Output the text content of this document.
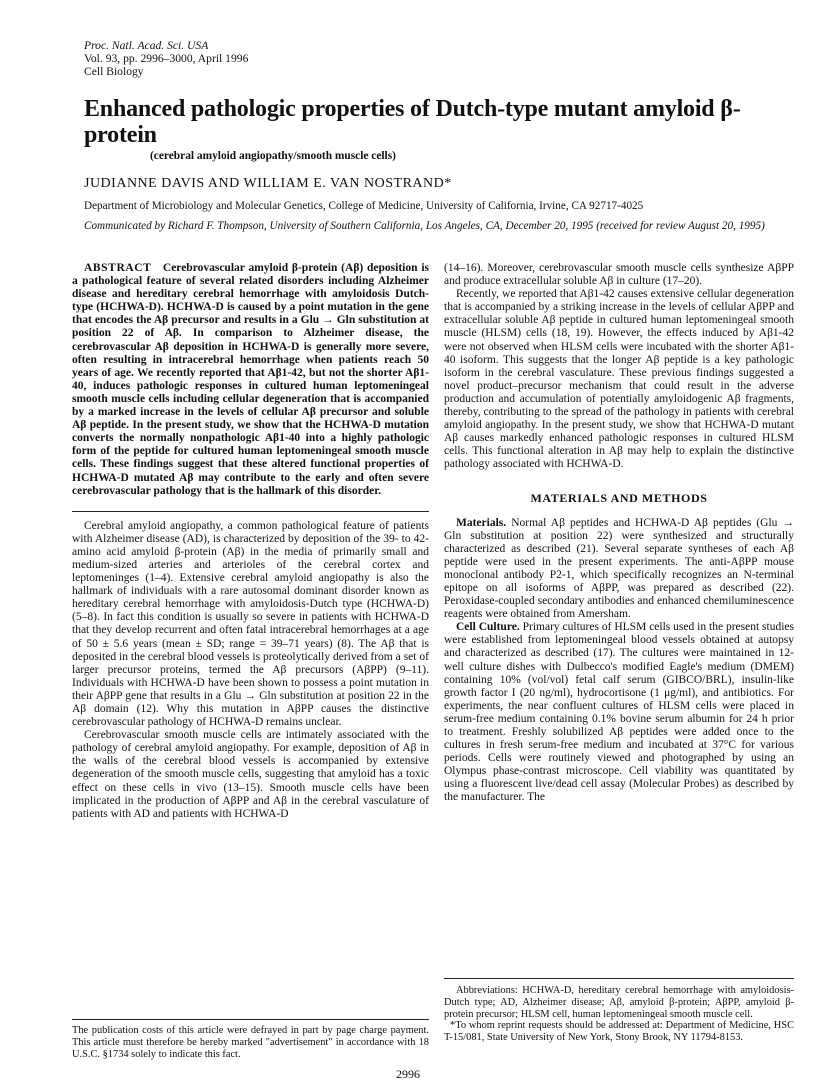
Proc. Natl. Acad. Sci. USA
Vol. 93, pp. 2996–3000, April 1996
Cell Biology
Enhanced pathologic properties of Dutch-type mutant amyloid β-protein
(cerebral amyloid angiopathy/smooth muscle cells)
JUDIANNE DAVIS AND WILLIAM E. VAN NOSTRAND*
Department of Microbiology and Molecular Genetics, College of Medicine, University of California, Irvine, CA 92717-4025
Communicated by Richard F. Thompson, University of Southern California, Los Angeles, CA, December 20, 1995 (received for review August 20, 1995)

ABSTRACT Cerebrovascular amyloid β-protein (Aβ) deposition is a pathological feature of several related disorders including Alzheimer disease and hereditary cerebral hemorrhage with amyloidosis Dutch-type (HCHWA-D). HCHWA-D is caused by a point mutation in the gene that encodes the Aβ precursor and results in a Glu → Gln substitution at position 22 of Aβ. In comparison to Alzheimer disease, the cerebrovascular Aβ deposition in HCHWA-D is generally more severe, often resulting in intracerebral hemorrhage when patients reach 50 years of age. We recently reported that Aβ1-42, but not the shorter Aβ1-40, induces pathologic responses in cultured human leptomeningeal smooth muscle cells including cellular degeneration that is accompanied by a marked increase in the levels of cellular Aβ precursor and soluble Aβ peptide. In the present study, we show that the HCHWA-D mutation converts the normally nonpathologic Aβ1-40 into a highly pathologic form of the peptide for cultured human leptomeningeal smooth muscle cells. These findings suggest that these altered functional properties of HCHWA-D mutated Aβ may contribute to the early and often severe cerebrovascular pathology that is the hallmark of this disorder.

Cerebral amyloid angiopathy, a common pathological feature of patients with Alzheimer disease (AD), is characterized by deposition of the 39- to 42-amino acid amyloid β-protein (Aβ) in the media of primarily small and medium-sized arteries and arterioles of the cerebral cortex and leptomeninges (1–4). Extensive cerebral amyloid angiopathy is also the hallmark of individuals with a rare autosomal dominant disorder known as hereditary cerebral hemorrhage with amyloidosis-Dutch type (HCHWA-D) (5–8). In fact this condition is usually so severe in patients with HCHWA-D that they develop recurrent and often fatal intracerebral hemorrhages at a age of 50 ± 5.6 years (mean ± SD; range = 39–71 years) (8). The Aβ that is deposited in the cerebral blood vessels is proteolytically derived from a set of larger precursor proteins, termed the Aβ precursors (AβPP) (9–11). Individuals with HCHWA-D have been shown to possess a point mutation in their AβPP gene that results in a Glu → Gln substitution at position 22 in the Aβ domain (12). Why this mutation in AβPP causes the distinctive cerebrovascular pathology of HCHWA-D remains unclear.

Cerebrovascular smooth muscle cells are intimately associated with the pathology of cerebral amyloid angiopathy. For example, deposition of Aβ in the walls of the cerebral blood vessels is accompanied by extensive degeneration of the smooth muscle cells, suggesting that amyloid has a toxic effect on these cells in vivo (13–15). Smooth muscle cells have been implicated in the production of AβPP and Aβ in the cerebral vasculature of patients with AD and patients with HCHWA-D

(14–16). Moreover, cerebrovascular smooth muscle cells synthesize AβPP and produce extracellular soluble Aβ in culture (17–20).

Recently, we reported that Aβ1-42 causes extensive cellular degeneration that is accompanied by a striking increase in the levels of cellular AβPP and extracellular soluble Aβ peptide in cultured human leptomeningeal smooth muscle (HLSM) cells (18, 19). However, the effects induced by Aβ1-42 were not observed when HLSM cells were incubated with the shorter Aβ1-40 isoform. This suggests that the longer Aβ peptide is a key pathologic isoform in the cerebral vasculature. These previous findings suggested a novel product–precursor mechanism that could result in the adverse production and accumulation of potentially amyloidogenic Aβ fragments, thereby, contributing to the spread of the pathology in patients with cerebral amyloid angiopathy. In the present study, we show that HCHWA-D mutant Aβ causes markedly enhanced pathologic responses in cultured HLSM cells. This functional alteration in Aβ may help to explain the distinctive pathology associated with HCHWA-D.

MATERIALS AND METHODS

Materials. Normal Aβ peptides and HCHWA-D Aβ peptides (Glu → Gln substitution at position 22) were synthesized and structurally characterized as described (21). Several separate syntheses of each Aβ peptide were used in the present experiments. The anti-AβPP mouse monoclonal antibody P2-1, which specifically recognizes an N-terminal epitope on all isoforms of AβPP, was prepared as described (22). Peroxidase-coupled secondary antibodies and enhanced chemiluminescence reagents were obtained from Amersham.

Cell Culture. Primary cultures of HLSM cells used in the present studies were established from leptomeningeal blood vessels obtained at autopsy and characterized as described (17). The cultures were maintained in 12-well culture dishes with Dulbecco's modified Eagle's medium (DMEM) containing 10% (vol/vol) fetal calf serum (GIBCO/BRL), insulin-like growth factor I (20 ng/ml), hydrocortisone (1 μg/ml), and antibiotics. For experiments, the near confluent cultures of HLSM cells were placed in serum-free medium containing 0.1% bovine serum albumin for 24 h prior to treatment. Freshly solubilized Aβ peptides were added once to the cultures in fresh serum-free medium and incubated at 37°C for various periods. Cells were routinely viewed and photographed by using an Olympus phase-contrast microscope. Cell viability was quantitated by using a fluorescent live/dead cell assay (Molecular Probes) as described by the manufacturer. The

Abbreviations: HCHWA-D, hereditary cerebral hemorrhage with amyloidosis-Dutch type; AD, Alzheimer disease; Aβ, amyloid β-protein; AβPP, amyloid β-protein precursor; HLSM cell, human leptomeningeal smooth muscle cell.

*To whom reprint requests should be addressed at: Department of Medicine, HSC T-15/081, State University of New York, Stony Brook, NY 11794-8153.

The publication costs of this article were defrayed in part by page charge payment. This article must therefore be hereby marked "advertisement" in accordance with 18 U.S.C. §1734 solely to indicate this fact.

2996
